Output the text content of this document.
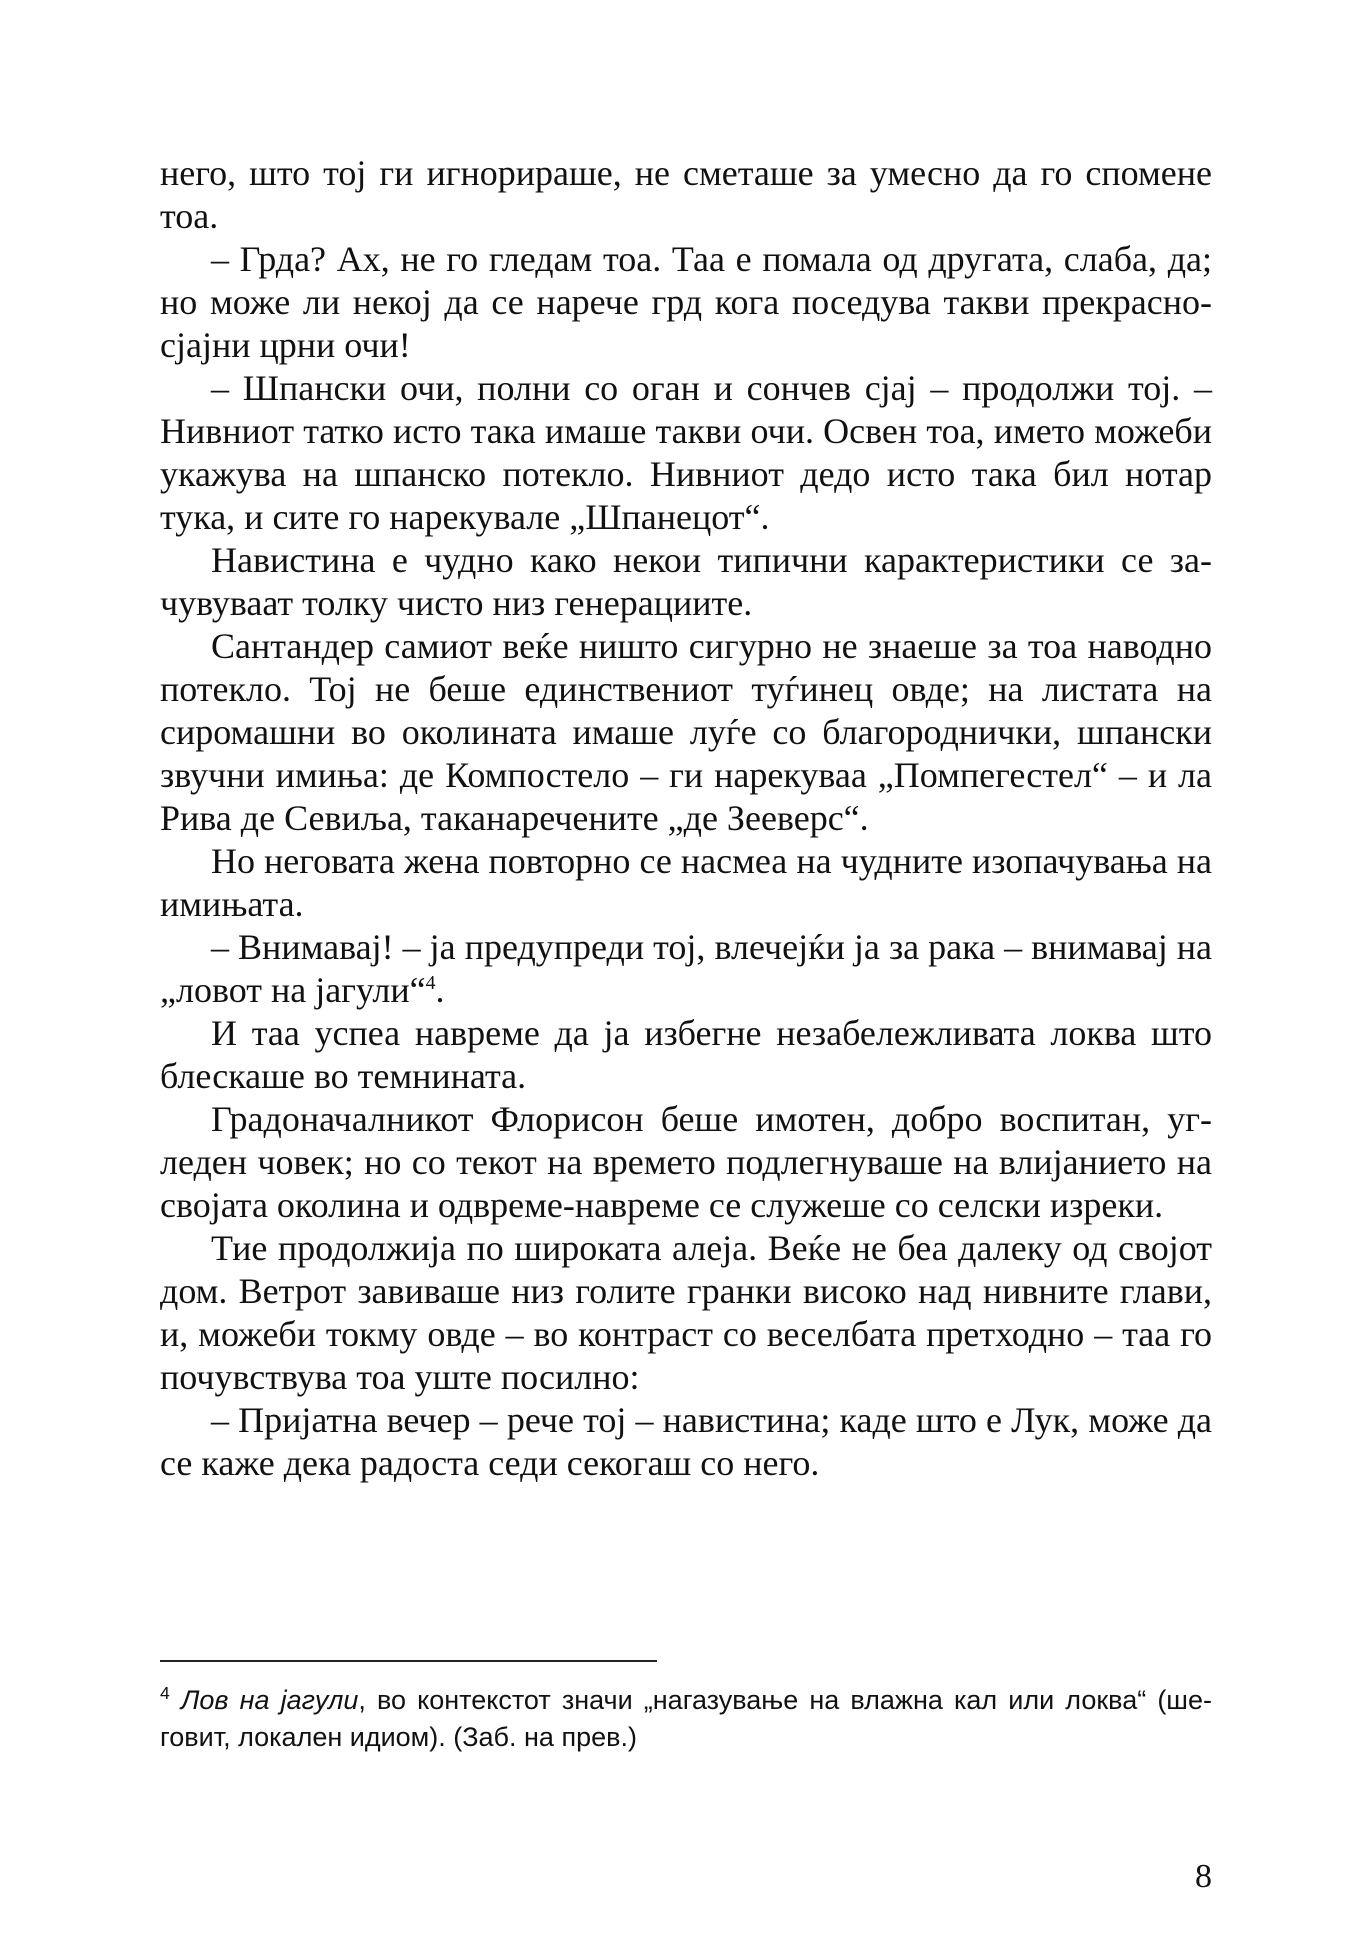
него, што тој ги игнорираше, не сметаше за умесно да го спомене тоа.

– Грда? Ах, не го гледам тоа. Таа е помала од другата, слаба, да; но може ли некој да се нарече грд кога поседува такви прекрасно-сјајни црни очи!

– Шпански очи, полни со оган и сончев сјај – продолжи тој. – Нивниот татко исто така имаше такви очи. Освен тоа, името можеби укажува на шпанско потекло. Нивниот дедо исто така бил нотар тука, и сите го нарекувале „Шпанецот“.

Навистина е чудно како некои типични карактеристики се зачувуваат толку чисто низ генерациите.

Сантандер самиот веќе ништо сигурно не знаеше за тоа наводно потекло. Тој не беше единствениот туѓинец овде; на листата на сиромашни во околината имаше луѓе со благороднички, шпански звучни имиња: де Компостело – ги нарекуваа „Помпегестел“ – и ла Рива де Севиља, таканаречените „де Зееверс“.

Но неговата жена повторно се насмеа на чудните изопачувања на имињата.

– Внимавај! – ја предупреди тој, влечејќи ја за рака – внимавај на „ловот на јагули“$^4$.

И таа успеа навреме да ја избегне незабележливата локва што блескаше во темнината.

Градоначалникот Флорисон беше имотен, добро воспитан, угледен човек; но со текот на времето подлегнуваше на влијанието на својата околина и одвреме-навреме се служеше со селски изреки.

Тие продолжија по широката алеја. Веќе не беа далеку од својот дом. Ветрот завиваше низ голите гранки високо над нивните глави, и, можеби токму овде – во контраст со веселбата претходно – таа го почувствува тоа уште посилно:

– Пријатна вечер – рече тој – навистина; каде што е Лук, може да се каже дека радоста седи секогаш со него.

$^4$ Лов на јагули, во контекстот значи „нагазување на влажна кал или локва“ (шеговит, локален идиом). (Заб. на прев.)
8
